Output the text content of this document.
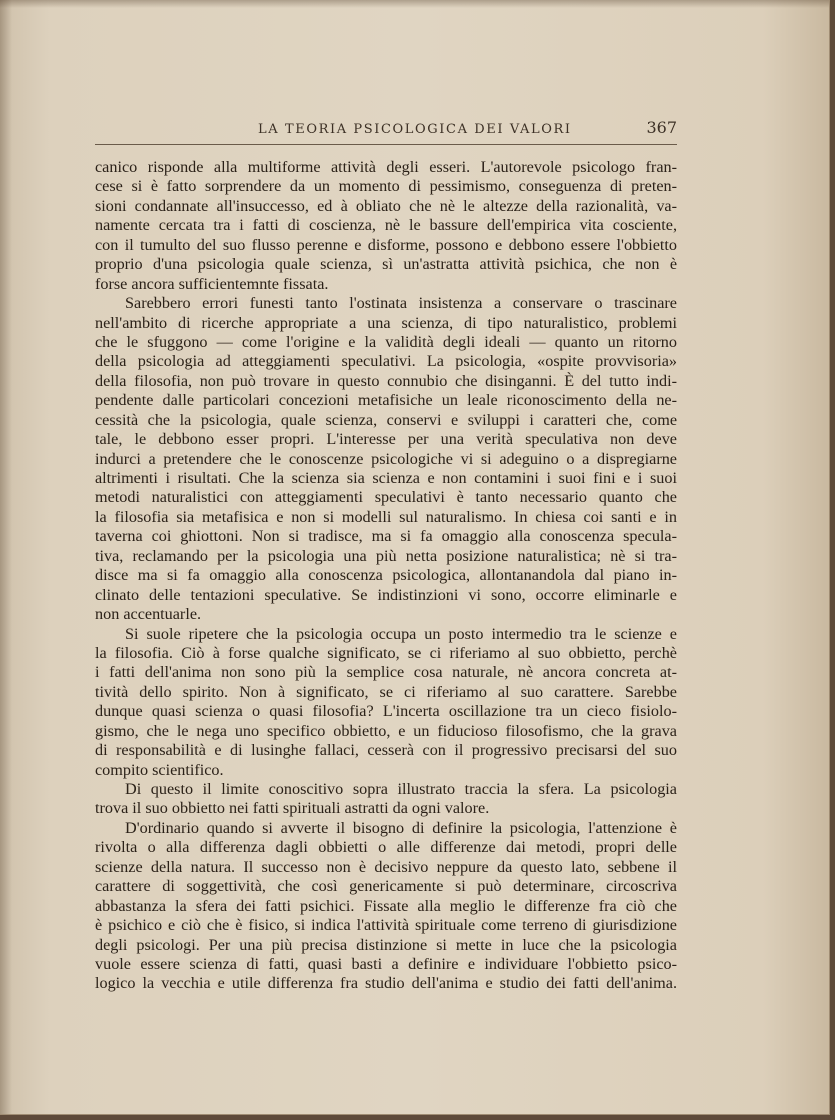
LA TEORIA PSICOLOGICA DEI VALORI	367
canico risponde alla multiforme attività degli esseri. L'autorevole psicologo fran-
cese si è fatto sorprendere da un momento di pessimismo, conseguenza di preten-
sioni condannate all'insuccesso, ed à obliato che nè le altezze della razionalità, va-
namente cercata tra i fatti di coscienza, nè le bassure dell'empirica vita cosciente,
con il tumulto del suo flusso perenne e disforme, possono e debbono essere l'obbietto
proprio d'una psicologia quale scienza, sì un'astratta attività psichica, che non è
forse ancora sufficientemnte fissata.
Sarebbero errori funesti tanto l'ostinata insistenza a conservare o trascinare
nell'ambito di ricerche appropriate a una scienza, di tipo naturalistico, problemi
che le sfuggono — come l'origine e la validità degli ideali — quanto un ritorno
della psicologia ad atteggiamenti speculativi. La psicologia, «ospite provvisoria»
della filosofia, non può trovare in questo connubio che disinganni. È del tutto indi-
pendente dalle particolari concezioni metafisiche un leale riconoscimento della ne-
cessità che la psicologia, quale scienza, conservi e sviluppi i caratteri che, come
tale, le debbono esser propri. L'interesse per una verità speculativa non deve
indurci a pretendere che le conoscenze psicologiche vi si adeguino o a dispregiarne
altrimenti i risultati. Che la scienza sia scienza e non contamini i suoi fini e i suoi
metodi naturalistici con atteggiamenti speculativi è tanto necessario quanto che
la filosofia sia metafisica e non si modelli sul naturalismo. In chiesa coi santi e in
taverna coi ghiottoni. Non si tradisce, ma si fa omaggio alla conoscenza specula-
tiva, reclamando per la psicologia una più netta posizione naturalistica; nè si tra-
disce ma si fa omaggio alla conoscenza psicologica, allontanandola dal piano in-
clinato delle tentazioni speculative. Se indistinzioni vi sono, occorre eliminarle e
non accentuarle.
Si suole ripetere che la psicologia occupa un posto intermedio tra le scienze e
la filosofia. Ciò à forse qualche significato, se ci riferiamo al suo obbietto, perchè
i fatti dell'anima non sono più la semplice cosa naturale, nè ancora concreta at-
tività dello spirito. Non à significato, se ci riferiamo al suo carattere. Sarebbe
dunque quasi scienza o quasi filosofia? L'incerta oscillazione tra un cieco fisiolo-
gismo, che le nega uno specifico obbietto, e un fiducioso filosofismo, che la grava
di responsabilità e di lusinghe fallaci, cesserà con il progressivo precisarsi del suo
compito scientifico.
Di questo il limite conoscitivo sopra illustrato traccia la sfera. La psicologia
trova il suo obbietto nei fatti spirituali astratti da ogni valore.
D'ordinario quando si avverte il bisogno di definire la psicologia, l'attenzione è
rivolta o alla differenza dagli obbietti o alle differenze dai metodi, propri delle
scienze della natura. Il successo non è decisivo neppure da questo lato, sebbene il
carattere di soggettività, che così genericamente si può determinare, circoscriva
abbastanza la sfera dei fatti psichici. Fissate alla meglio le differenze fra ciò che
è psichico e ciò che è fisico, si indica l'attività spirituale come terreno di giurisdizione
degli psicologi. Per una più precisa distinzione si mette in luce che la psicologia
vuole essere scienza di fatti, quasi basti a definire e individuare l'obbietto psico-
logico la vecchia e utile differenza fra studio dell'anima e studio dei fatti dell'anima.
